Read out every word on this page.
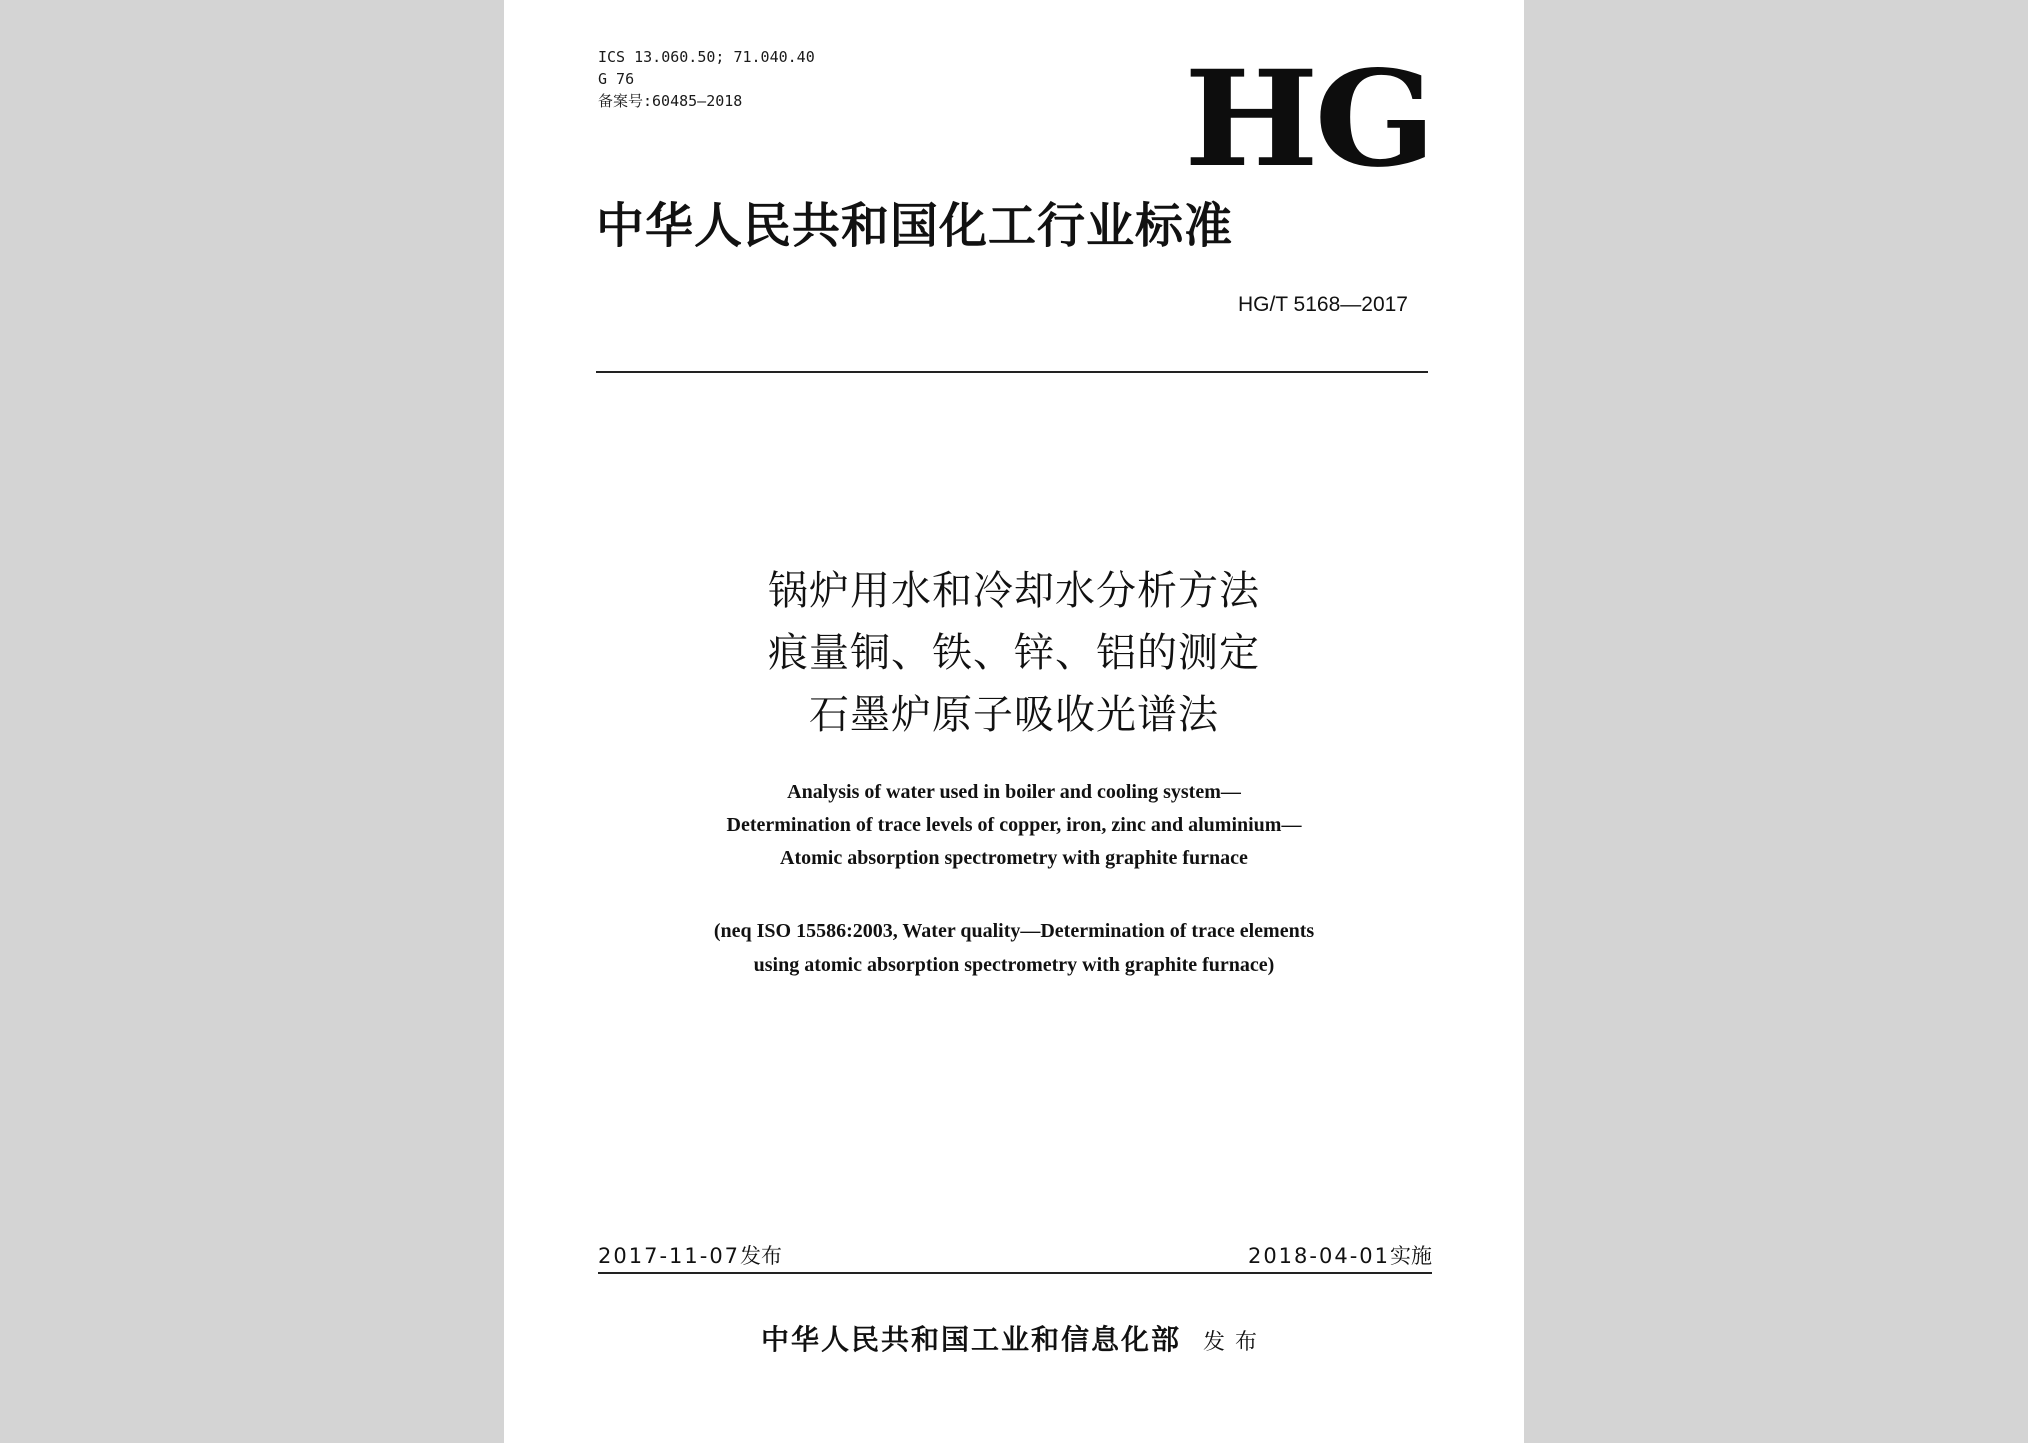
ICS 13.060.50; 71.040.40
G 76
备案号:60485—2018	HG
中华人民共和国化工行业标准
HG/T 5168—2017
锅炉用水和冷却水分析方法
痕量铜、铁、锌、铝的测定
石墨炉原子吸收光谱法
Analysis of water used in boiler and cooling system—
Determination of trace levels of copper, iron, zinc and aluminium—
Atomic absorption spectrometry with graphite furnace
(neq ISO 15586:2003, Water quality—Determination of trace elements
using atomic absorption spectrometry with graphite furnace)
2017-11-07发布	2018-04-01实施
中华人民共和国工业和信息化部 发布
